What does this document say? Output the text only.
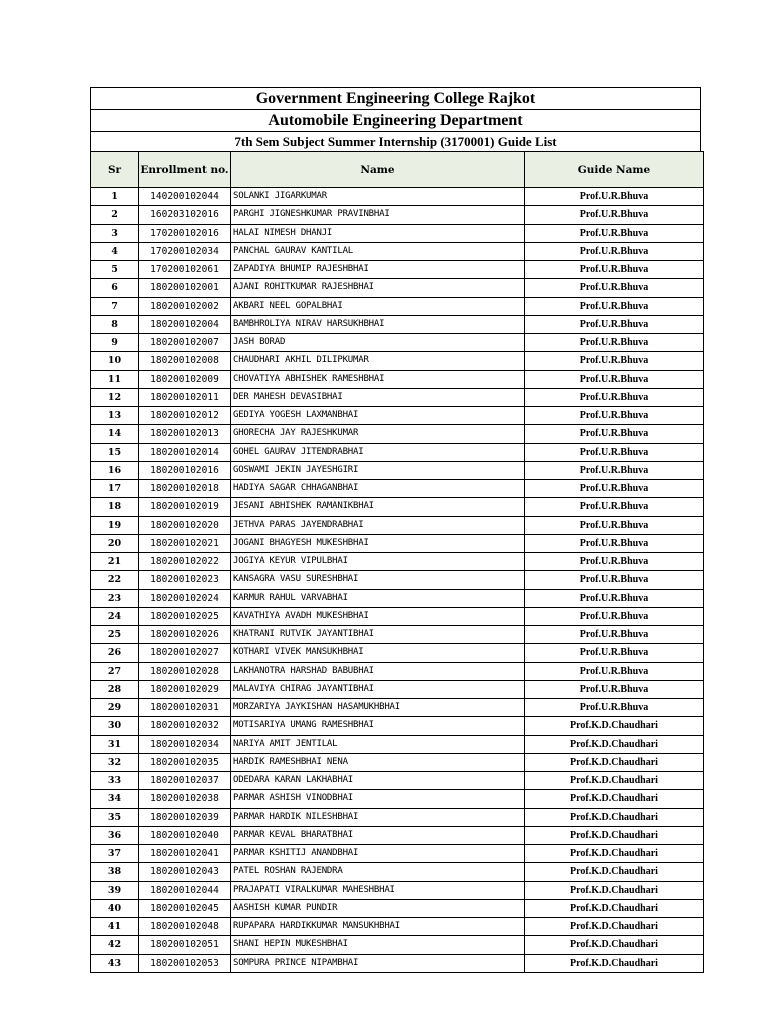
Government Engineering College Rajkot
Automobile Engineering Department
7th Sem Subject Summer Internship (3170001) Guide List
Sr	Enrollment no.	Name	Guide Name
1	140200102044	SOLANKI JIGARKUMAR	Prof.U.R.Bhuva
2	160203102016	PARGHI JIGNESHKUMAR PRAVINBHAI	Prof.U.R.Bhuva
3	170200102016	HALAI NIMESH DHANJI	Prof.U.R.Bhuva
4	170200102034	PANCHAL GAURAV KANTILAL	Prof.U.R.Bhuva
5	170200102061	ZAPADIYA BHUMIP RAJESHBHAI	Prof.U.R.Bhuva
6	180200102001	AJANI ROHITKUMAR RAJESHBHAI	Prof.U.R.Bhuva
7	180200102002	AKBARI NEEL GOPALBHAI	Prof.U.R.Bhuva
8	180200102004	BAMBHROLIYA NIRAV HARSUKHBHAI	Prof.U.R.Bhuva
9	180200102007	JASH BORAD	Prof.U.R.Bhuva
10	180200102008	CHAUDHARI AKHIL DILIPKUMAR	Prof.U.R.Bhuva
11	180200102009	CHOVATIYA ABHISHEK RAMESHBHAI	Prof.U.R.Bhuva
12	180200102011	DER MAHESH DEVASIBHAI	Prof.U.R.Bhuva
13	180200102012	GEDIYA YOGESH LAXMANBHAI	Prof.U.R.Bhuva
14	180200102013	GHORECHA JAY RAJESHKUMAR	Prof.U.R.Bhuva
15	180200102014	GOHEL GAURAV JITENDRABHAI	Prof.U.R.Bhuva
16	180200102016	GOSWAMI JEKIN JAYESHGIRI	Prof.U.R.Bhuva
17	180200102018	HADIYA SAGAR CHHAGANBHAI	Prof.U.R.Bhuva
18	180200102019	JESANI ABHISHEK RAMANIKBHAI	Prof.U.R.Bhuva
19	180200102020	JETHVA PARAS JAYENDRABHAI	Prof.U.R.Bhuva
20	180200102021	JOGANI BHAGYESH MUKESHBHAI	Prof.U.R.Bhuva
21	180200102022	JOGIYA KEYUR VIPULBHAI	Prof.U.R.Bhuva
22	180200102023	KANSAGRA VASU SURESHBHAI	Prof.U.R.Bhuva
23	180200102024	KARMUR RAHUL VARVABHAI	Prof.U.R.Bhuva
24	180200102025	KAVATHIYA AVADH MUKESHBHAI	Prof.U.R.Bhuva
25	180200102026	KHATRANI RUTVIK JAYANTIBHAI	Prof.U.R.Bhuva
26	180200102027	KOTHARI VIVEK MANSUKHBHAI	Prof.U.R.Bhuva
27	180200102028	LAKHANOTRA HARSHAD BABUBHAI	Prof.U.R.Bhuva
28	180200102029	MALAVIYA CHIRAG JAYANTIBHAI	Prof.U.R.Bhuva
29	180200102031	MORZARIYA JAYKISHAN HASAMUKHBHAI	Prof.U.R.Bhuva
30	180200102032	MOTISARIYA UMANG RAMESHBHAI	Prof.K.D.Chaudhari
31	180200102034	NARIYA AMIT JENTILAL	Prof.K.D.Chaudhari
32	180200102035	HARDIK RAMESHBHAI NENA	Prof.K.D.Chaudhari
33	180200102037	ODEDARA KARAN LAKHABHAI	Prof.K.D.Chaudhari
34	180200102038	PARMAR ASHISH VINODBHAI	Prof.K.D.Chaudhari
35	180200102039	PARMAR HARDIK NILESHBHAI	Prof.K.D.Chaudhari
36	180200102040	PARMAR KEVAL BHARATBHAI	Prof.K.D.Chaudhari
37	180200102041	PARMAR KSHITIJ ANANDBHAI	Prof.K.D.Chaudhari
38	180200102043	PATEL ROSHAN RAJENDRA	Prof.K.D.Chaudhari
39	180200102044	PRAJAPATI VIRALKUMAR MAHESHBHAI	Prof.K.D.Chaudhari
40	180200102045	AASHISH KUMAR PUNDIR	Prof.K.D.Chaudhari
41	180200102048	RUPAPARA HARDIKKUMAR MANSUKHBHAI	Prof.K.D.Chaudhari
42	180200102051	SHANI HEPIN MUKESHBHAI	Prof.K.D.Chaudhari
43	180200102053	SOMPURA PRINCE NIPAMBHAI	Prof.K.D.Chaudhari
